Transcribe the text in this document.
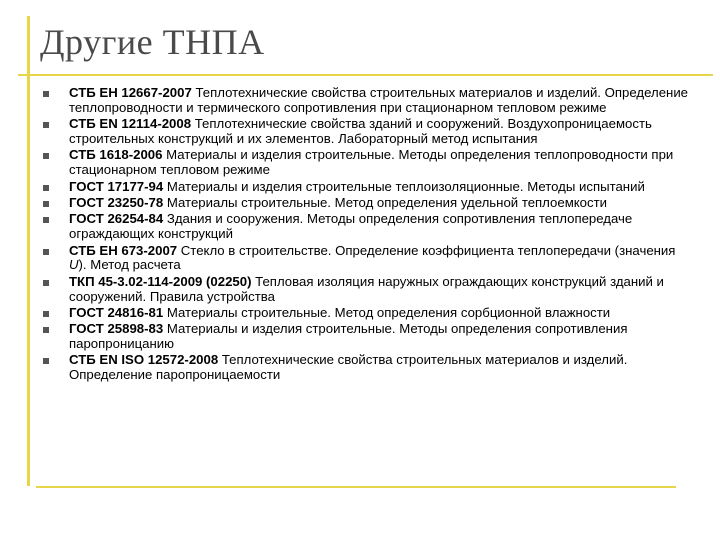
Другие ТНПА
СТБ ЕН 12667-2007 Теплотехнические свойства строительных материалов и изделий. Определение теплопроводности и термического сопротивления при стационарном тепловом режиме
СТБ EN 12114-2008 Теплотехнические свойства зданий и сооружений. Воздухопроницаемость строительных конструкций и их элементов. Лабораторный метод испытания
СТБ 1618-2006 Материалы и изделия строительные. Методы определения теплопроводности при стационарном тепловом режиме
ГОСТ 17177-94 Материалы и изделия строительные теплоизоляционные. Методы испытаний
ГОСТ 23250-78 Материалы строительные. Метод определения удельной теплоемкости
ГОСТ 26254-84 Здания и сооружения. Методы определения сопротивления теплопередаче ограждающих конструкций
СТБ ЕН 673-2007 Стекло в строительстве. Определение коэффициента теплопередачи (значения U). Метод расчета
ТКП 45-3.02-114-2009 (02250) Тепловая изоляция наружных ограждающих конструкций зданий и сооружений. Правила устройства
ГОСТ 24816-81 Материалы строительные. Метод определения сорбционной влажности
ГОСТ 25898-83 Материалы и изделия строительные. Методы определения сопротивления паропроницанию
СТБ EN ISO 12572-2008 Теплотехнические свойства строительных материалов и изделий. Определение паропроницаемости
